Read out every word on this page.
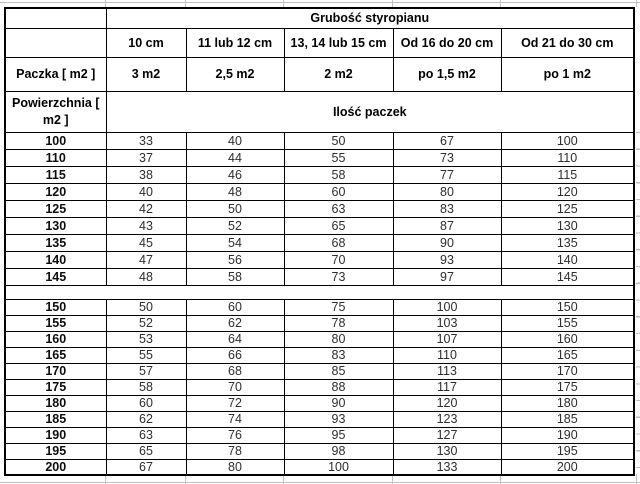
	Grubość styropianu				
	10 cm	11 lub 12 cm	13, 14 lub 15 cm	Od 16 do 20 cm	Od 21 do 30 cm
Paczka [ m2 ]	3 m2	2,5 m2	2 m2	po 1,5 m2	po 1 m2
Powierzchnia [ m2 ]	Ilość paczek				
100	33	40	50	67	100
110	37	44	55	73	110
115	38	46	58	77	115
120	40	48	60	80	120
125	42	50	63	83	125
130	43	52	65	87	130
135	45	54	68	90	135
140	47	56	70	93	140
145	48	58	73	97	145

150	50	60	75	100	150
155	52	62	78	103	155
160	53	64	80	107	160
165	55	66	83	110	165
170	57	68	85	113	170
175	58	70	88	117	175
180	60	72	90	120	180
185	62	74	93	123	185
190	63	76	95	127	190
195	65	78	98	130	195
200	67	80	100	133	200
